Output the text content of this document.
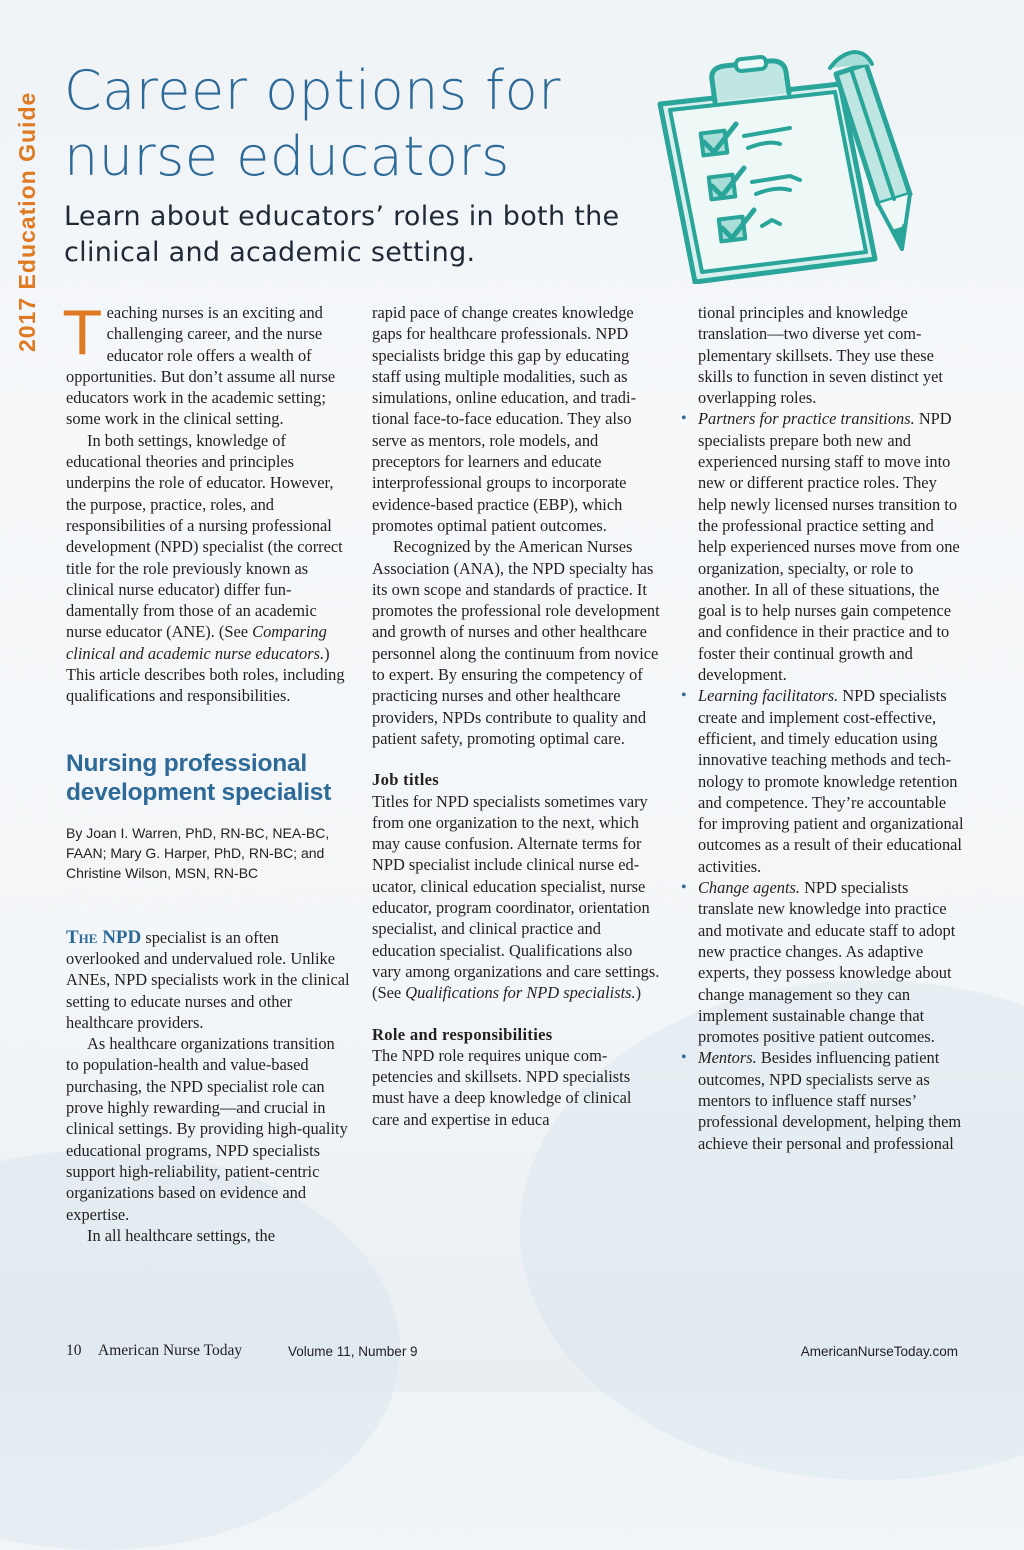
2017 Education Guide
Career options for nurse educators
Learn about educators’ roles in both the clinical and academic setting.

Teaching nurses is an exciting and challenging career, and the nurse educator role offers a wealth of opportunities. But don’t assume all nurse educators work in the academic setting; some work in the clinical setting.

In both settings, knowledge of educational theories and principles underpins the role of educator. However, the purpose, practice, roles, and responsibilities of a nursing professional development (NPD) specialist (the correct title for the role previously known as clinical nurse educator) differ fundamentally from those of an academic nurse educator (ANE). (See Comparing clinical and academic nurse educators.) This article describes both roles, including qualifications and responsibilities.

Nursing professional development specialist
By Joan I. Warren, PhD, RN-BC, NEA-BC, FAAN; Mary G. Harper, PhD, RN-BC; and Christine Wilson, MSN, RN-BC

The NPD specialist is an often overlooked and undervalued role. Unlike ANEs, NPD specialists work in the clinical setting to educate nurses and other healthcare providers.

As healthcare organizations transition to population-health and value-based purchasing, the NPD specialist role can prove highly rewarding—and crucial in clinical settings. By providing high-quality educational programs, NPD specialists support high-reliability, patient-centric organizations based on evidence and expertise.

In all healthcare settings, the

rapid pace of change creates knowledge gaps for healthcare professionals. NPD specialists bridge this gap by educating staff using multiple modalities, such as simulations, online education, and traditional face-to-face education. They also serve as mentors, role models, and preceptors for learners and educate interprofessional groups to incorporate evidence-based practice (EBP), which promotes optimal patient outcomes.

Recognized by the American Nurses Association (ANA), the NPD specialty has its own scope and standards of practice. It promotes the professional role development and growth of nurses and other healthcare personnel along the continuum from novice to expert. By ensuring the competency of practicing nurses and other healthcare providers, NPDs contribute to quality and patient safety, promoting optimal care.

Job titles

Titles for NPD specialists sometimes vary from one organization to the next, which may cause confusion. Alternate terms for NPD specialist include clinical nurse educator, clinical education specialist, nurse educator, program coordinator, orientation specialist, and clinical practice and education specialist. Qualifications also vary among organizations and care settings. (See Qualifications for NPD specialists.)

Role and responsibilities

The NPD role requires unique competencies and skillsets. NPD specialists must have a deep knowledge of clinical care and expertise in educa

tional principles and knowledge translation—two diverse yet complementary skillsets. They use these skills to function in seven distinct yet overlapping roles.

• Partners for practice transitions. NPD specialists prepare both new and experienced nursing staff to move into new or different practice roles. They help newly licensed nurses transition to the professional practice setting and help experienced nurses move from one organization, specialty, or role to another. In all of these situations, the goal is to help nurses gain competence and confidence in their practice and to foster their continual growth and development.
• Learning facilitators. NPD specialists create and implement cost-effective, efficient, and timely education using innovative teaching methods and technology to promote knowledge retention and competence. They’re accountable for improving patient and organizational outcomes as a result of their educational activities.
• Change agents. NPD specialists translate new knowledge into practice and motivate and educate staff to adopt new practice changes. As adaptive experts, they possess knowledge about change management so they can implement sustainable change that promotes positive patient outcomes.
• Mentors. Besides influencing patient outcomes, NPD specialists serve as mentors to influence staff nurses’ professional development, helping them achieve their personal and professional
10 American Nurse Today	Volume 11, Number 9	AmericanNurseToday.com
